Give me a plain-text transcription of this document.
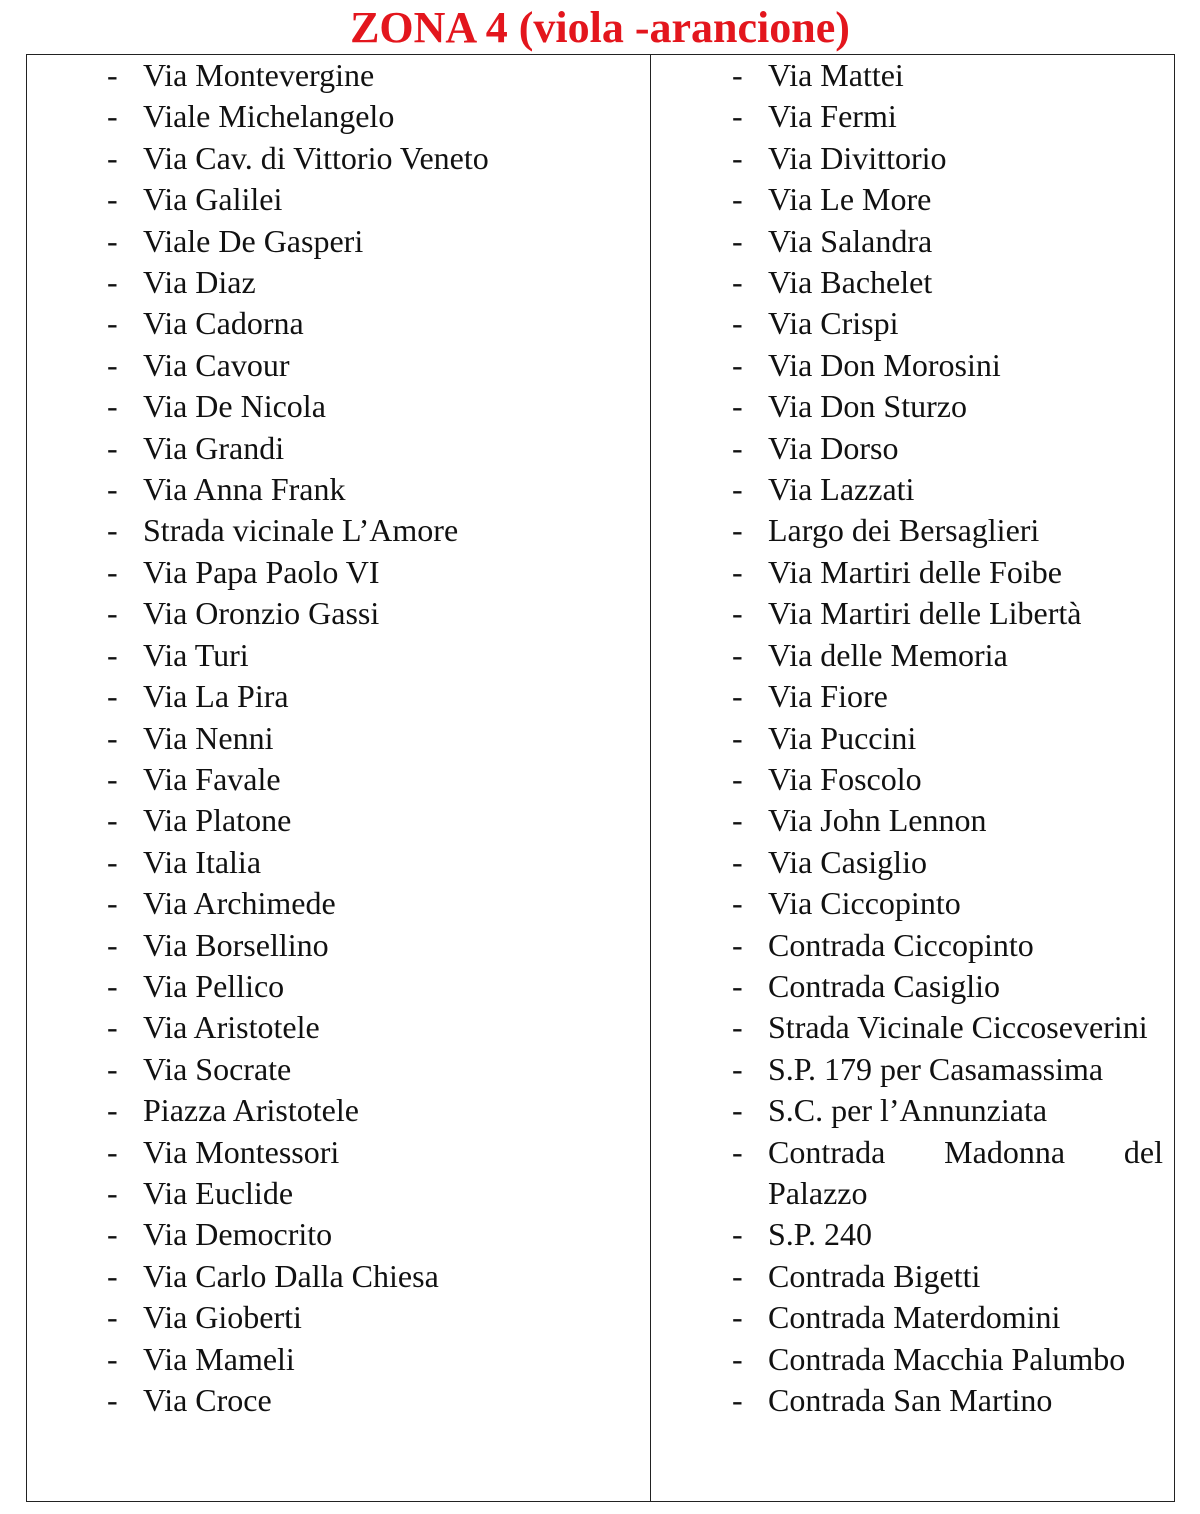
ZONA 4 (viola -arancione)
- Via Montevergine
- Viale Michelangelo
- Via Cav. di Vittorio Veneto
- Via Galilei
- Viale De Gasperi
- Via Diaz
- Via Cadorna
- Via Cavour
- Via De Nicola
- Via Grandi
- Via Anna Frank
- Strada vicinale L’Amore
- Via Papa Paolo VI
- Via Oronzio Gassi
- Via Turi
- Via La Pira
- Via Nenni
- Via Favale
- Via Platone
- Via Italia
- Via Archimede
- Via Borsellino
- Via Pellico
- Via Aristotele
- Via Socrate
- Piazza Aristotele
- Via Montessori
- Via Euclide
- Via Democrito
- Via Carlo Dalla Chiesa
- Via Gioberti
- Via Mameli
- Via Croce
- Via Mattei
- Via Fermi
- Via Divittorio
- Via Le More
- Via Salandra
- Via Bachelet
- Via Crispi
- Via Don Morosini
- Via Don Sturzo
- Via Dorso
- Via Lazzati
- Largo dei Bersaglieri
- Via Martiri delle Foibe
- Via Martiri delle Libertà
- Via delle Memoria
- Via Fiore
- Via Puccini
- Via Foscolo
- Via John Lennon
- Via Casiglio
- Via Ciccopinto
- Contrada Ciccopinto
- Contrada Casiglio
- Strada Vicinale Ciccoseverini
- S.P. 179 per Casamassima
- S.C. per l’Annunziata
- Contrada Madonna del Palazzo
- S.P. 240
- Contrada Bigetti
- Contrada Materdomini
- Contrada Macchia Palumbo
- Contrada San Martino
